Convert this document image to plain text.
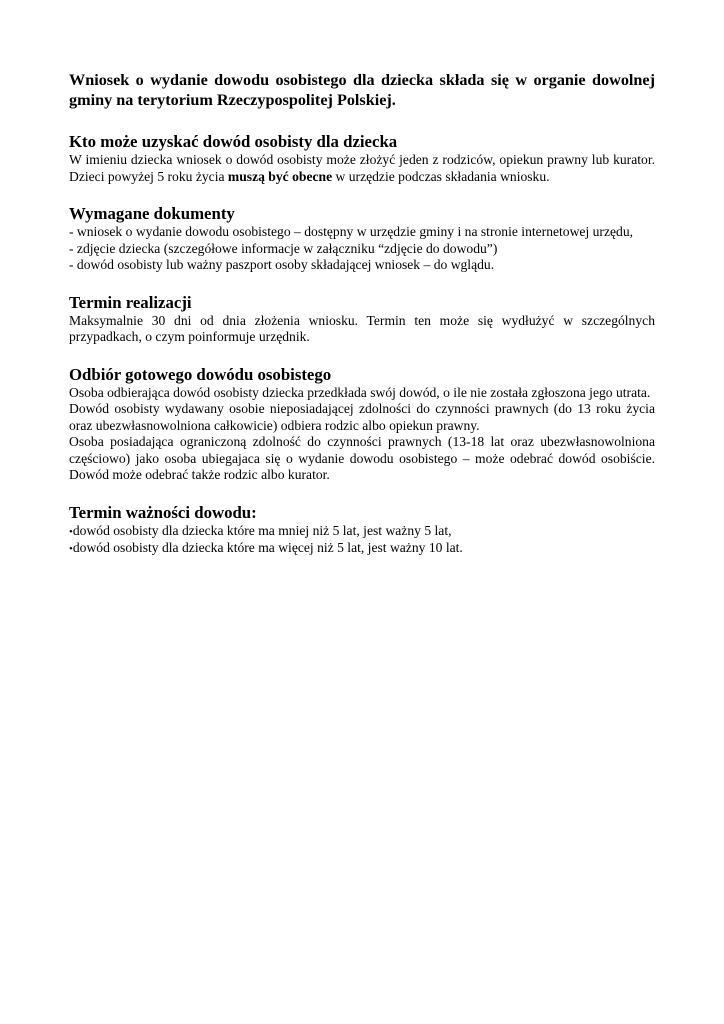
Wniosek o wydanie dowodu osobistego dla dziecka składa się w organie dowolnej gminy na terytorium Rzeczypospolitej Polskiej.

Kto może uzyskać dowód osobisty dla dziecka

W imieniu dziecka wniosek o dowód osobisty może złożyć jeden z rodziców, opiekun prawny lub kurator. Dzieci powyżej 5 roku życia muszą być obecne w urzędzie podczas składania wniosku.

Wymagane dokumenty
- wniosek o wydanie dowodu osobistego – dostępny w urzędzie gminy i na stronie internetowej urzędu,
- zdjęcie dziecka (szczegółowe informacje w załączniku “zdjęcie do dowodu”)
- dowód osobisty lub ważny paszport osoby składającej wniosek – do wglądu.
Termin realizacji

Maksymalnie 30 dni od dnia złożenia wniosku. Termin ten może się wydłużyć w szczególnych przypadkach, o czym poinformuje urzędnik.

Odbiór gotowego dowódu osobistego

Osoba odbierająca dowód osobisty dziecka przedkłada swój dowód, o ile nie została zgłoszona jego utrata.

Dowód osobisty wydawany osobie nieposiadającej zdolności do czynności prawnych (do 13 roku życia oraz ubezwłasnowolniona całkowicie) odbiera rodzic albo opiekun prawny.

Osoba posiadająca ograniczoną zdolność do czynności prawnych (13-18 lat oraz ubezwłasnowolniona częściowo) jako osoba ubiegajaca się o wydanie dowodu osobistego – może odebrać dowód osobiście. Dowód może odebrać także rodzic albo kurator.

Termin ważności dowodu:
• dowód osobisty dla dziecka które ma mniej niż 5 lat, jest ważny 5 lat,
• dowód osobisty dla dziecka które ma więcej niż 5 lat, jest ważny 10 lat.
